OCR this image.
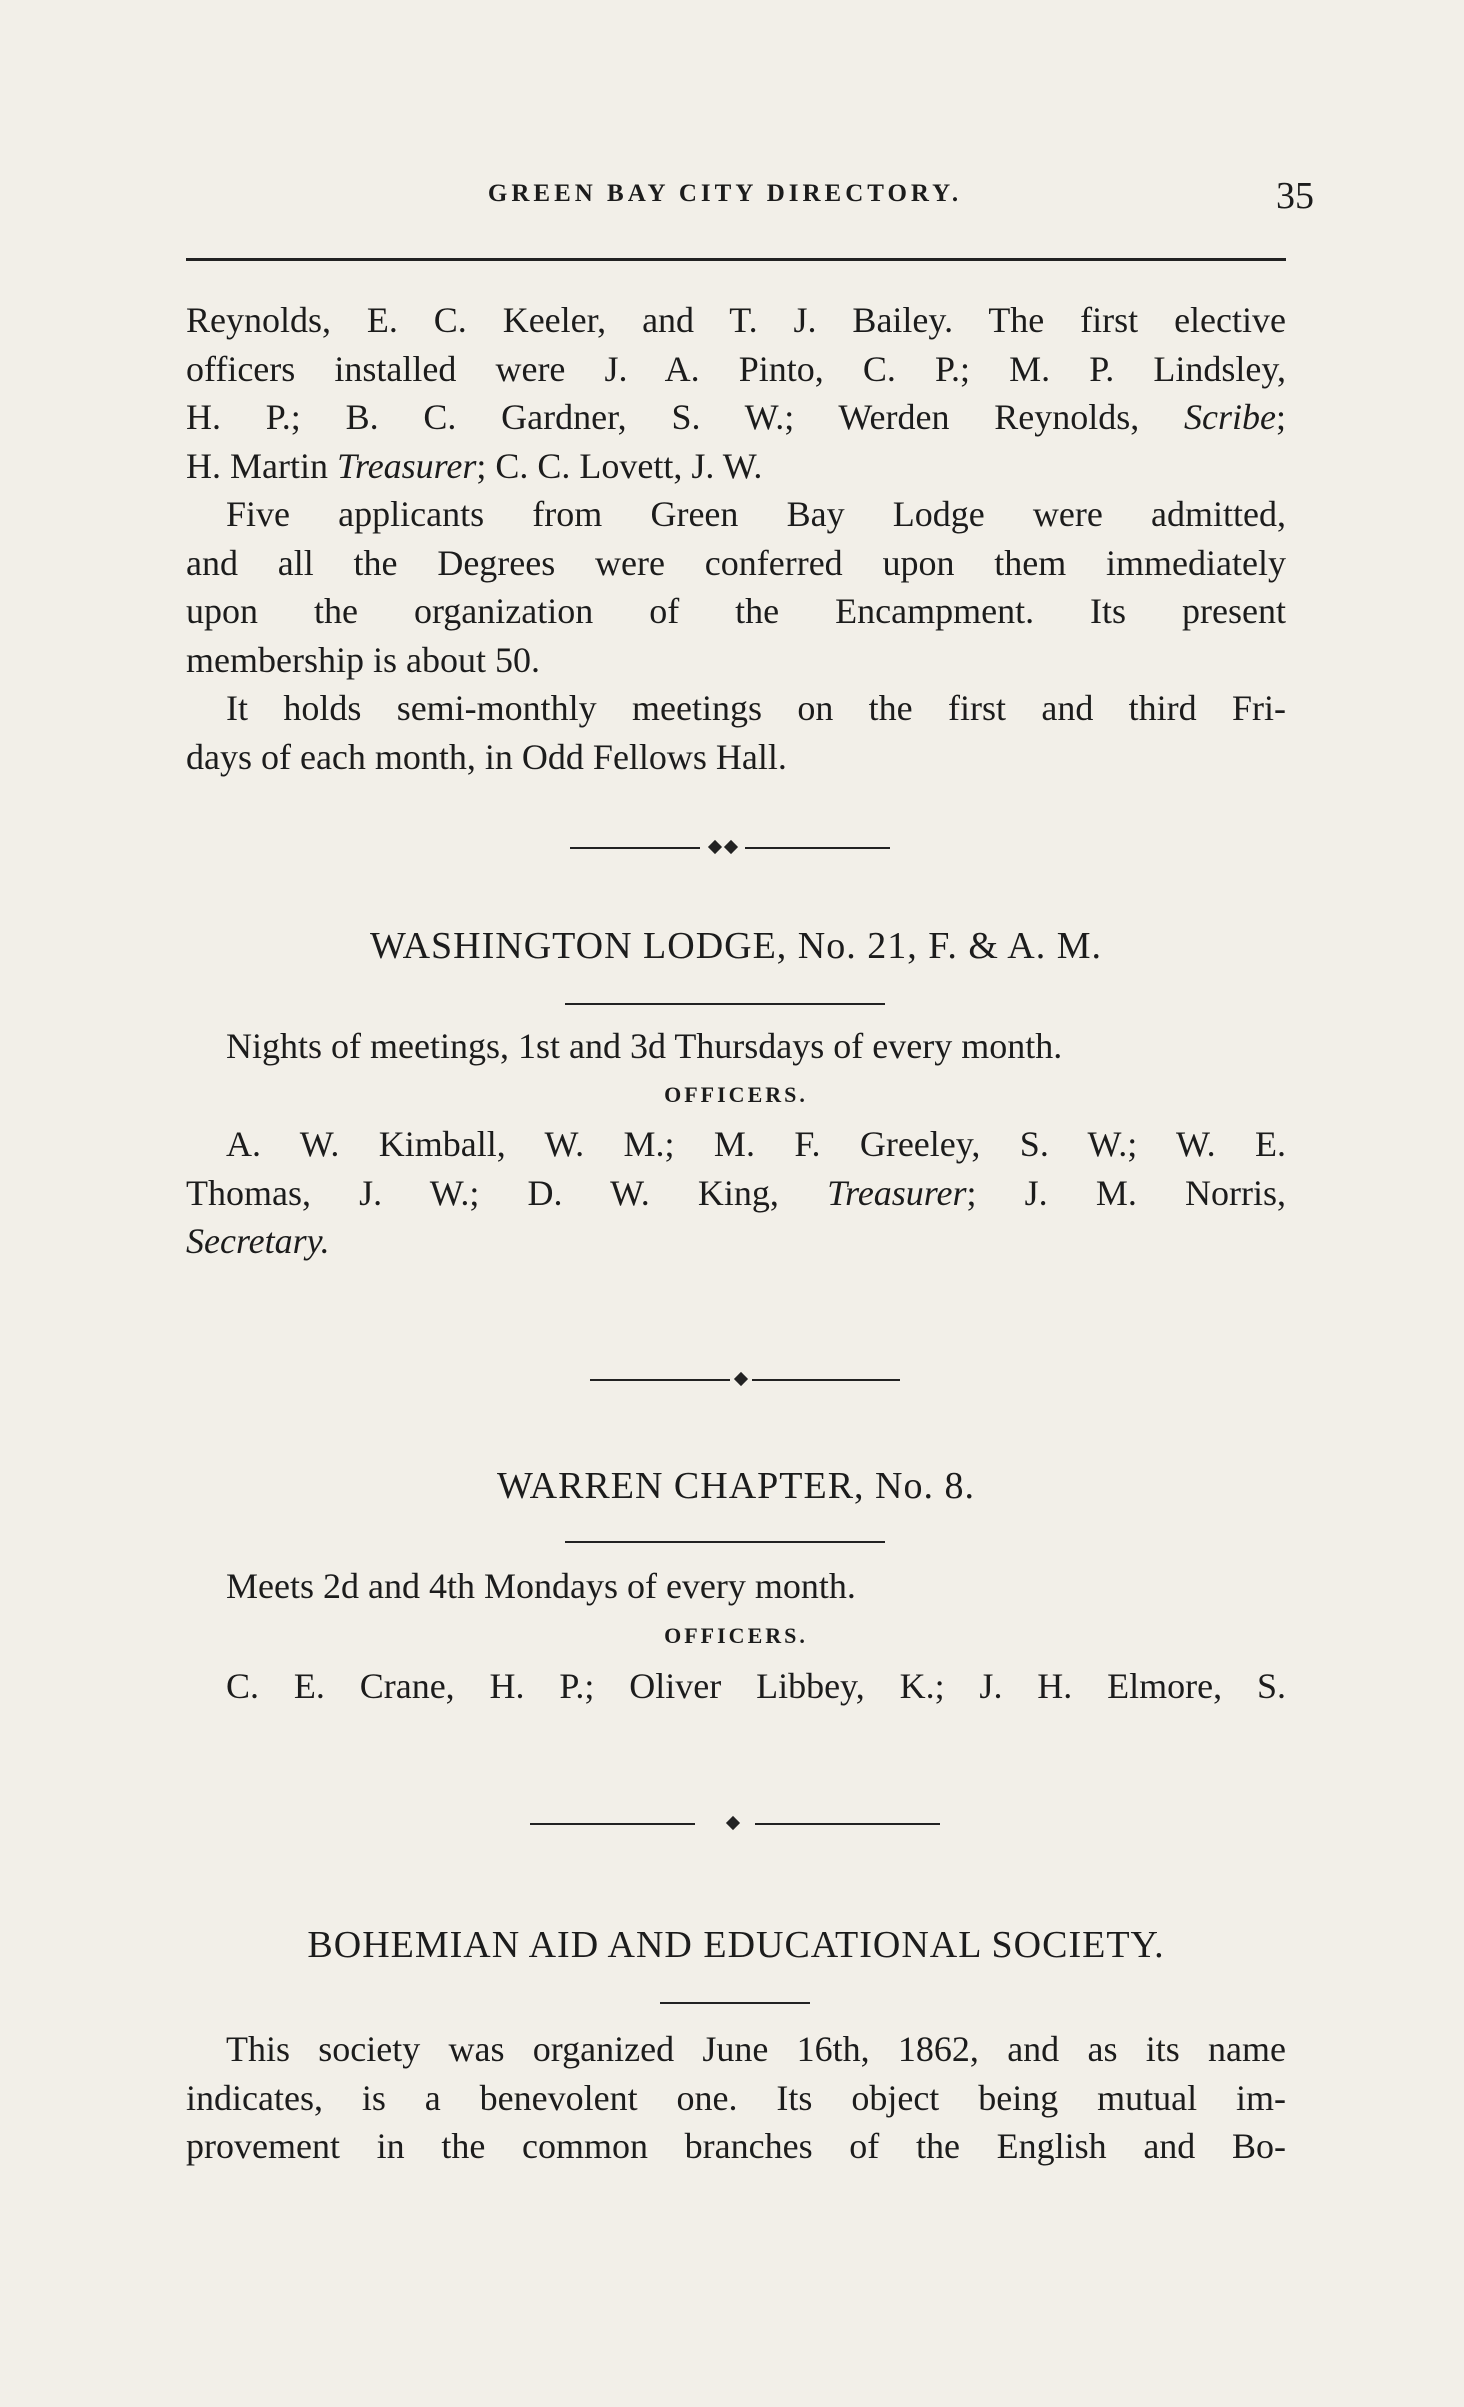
GREEN BAY CITY DIRECTORY.	35
Reynolds, E. C. Keeler, and T. J. Bailey. The first elective
officers installed were J. A. Pinto, C. P.; M. P. Lindsley,
H. P.; B. C. Gardner, S. W.; Werden Reynolds, Scribe;
H. Martin Treasurer; C. C. Lovett, J. W.
Five applicants from Green Bay Lodge were admitted,
and all the Degrees were conferred upon them immediately
upon the organization of the Encampment. Its present
membership is about 50.
It holds semi-monthly meetings on the first and third Fri-
days of each month, in Odd Fellows Hall.
WASHINGTON LODGE, No. 21, F. & A. M.
Nights of meetings, 1st and 3d Thursdays of every month.
OFFICERS.
A. W. Kimball, W. M.; M. F. Greeley, S. W.; W. E.
Thomas, J. W.; D. W. King, Treasurer; J. M. Norris,
Secretary.
WARREN CHAPTER, No. 8.
Meets 2d and 4th Mondays of every month.
OFFICERS.
C. E. Crane, H. P.; Oliver Libbey, K.; J. H. Elmore, S.
BOHEMIAN AID AND EDUCATIONAL SOCIETY.
This society was organized June 16th, 1862, and as its name
indicates, is a benevolent one. Its object being mutual im-
provement in the common branches of the English and Bo-
